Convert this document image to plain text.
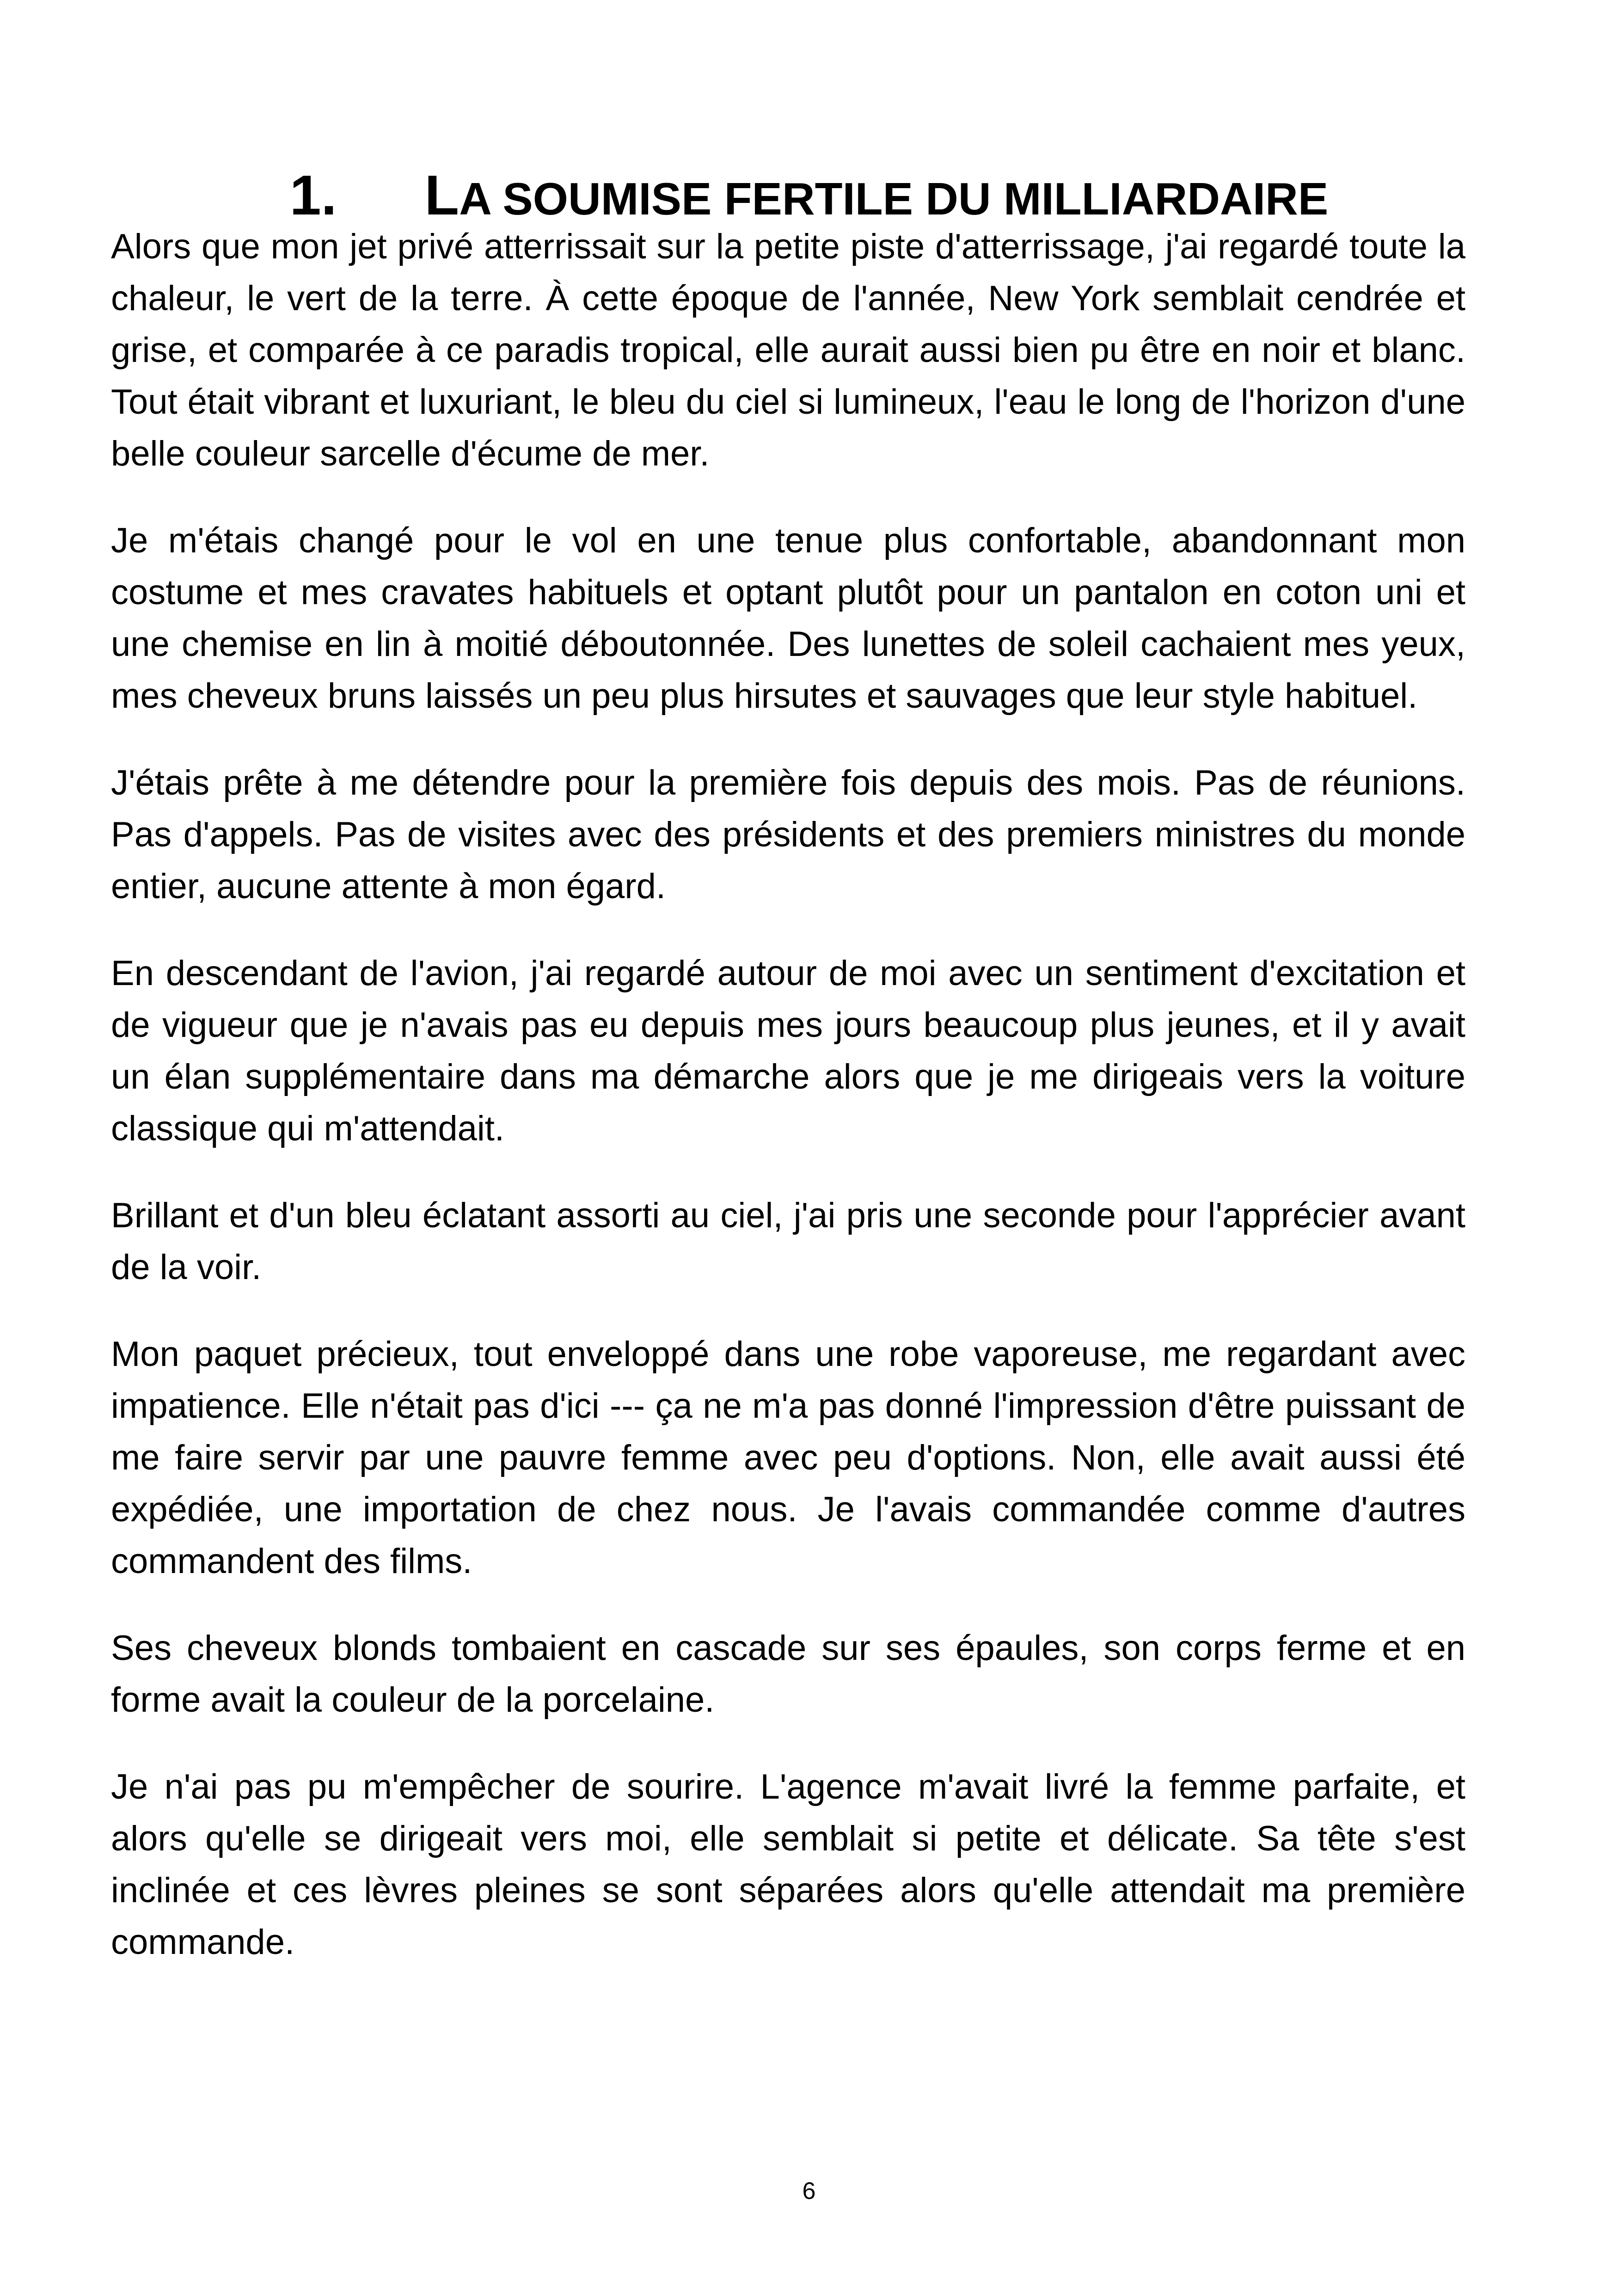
1. LA SOUMISE FERTILE DU MILLIARDAIRE

Alors que mon jet privé atterrissait sur la petite piste d'atterrissage, j'ai regardé toute la chaleur, le vert de la terre. À cette époque de l'année, New York semblait cendrée et grise, et comparée à ce paradis tropical, elle aurait aussi bien pu être en noir et blanc. Tout était vibrant et luxuriant, le bleu du ciel si lumineux, l'eau le long de l'horizon d'une belle couleur sarcelle d'écume de mer.

Je m'étais changé pour le vol en une tenue plus confortable, abandonnant mon costume et mes cravates habituels et optant plutôt pour un pantalon en coton uni et une chemise en lin à moitié déboutonnée. Des lunettes de soleil cachaient mes yeux, mes cheveux bruns laissés un peu plus hirsutes et sauvages que leur style habituel.

J'étais prête à me détendre pour la première fois depuis des mois. Pas de réunions. Pas d'appels. Pas de visites avec des présidents et des premiers ministres du monde entier, aucune attente à mon égard.

En descendant de l'avion, j'ai regardé autour de moi avec un sentiment d'excitation et de vigueur que je n'avais pas eu depuis mes jours beaucoup plus jeunes, et il y avait un élan supplémentaire dans ma démarche alors que je me dirigeais vers la voiture classique qui m'attendait.

Brillant et d'un bleu éclatant assorti au ciel, j'ai pris une seconde pour l'apprécier avant de la voir.

Mon paquet précieux, tout enveloppé dans une robe vaporeuse, me regardant avec impatience. Elle n'était pas d'ici --- ça ne m'a pas donné l'impression d'être puissant de me faire servir par une pauvre femme avec peu d'options. Non, elle avait aussi été expédiée, une importation de chez nous. Je l'avais commandée comme d'autres commandent des films.

Ses cheveux blonds tombaient en cascade sur ses épaules, son corps ferme et en forme avait la couleur de la porcelaine.

Je n'ai pas pu m'empêcher de sourire. L'agence m'avait livré la femme parfaite, et alors qu'elle se dirigeait vers moi, elle semblait si petite et délicate. Sa tête s'est inclinée et ces lèvres pleines se sont séparées alors qu'elle attendait ma première commande.

6
